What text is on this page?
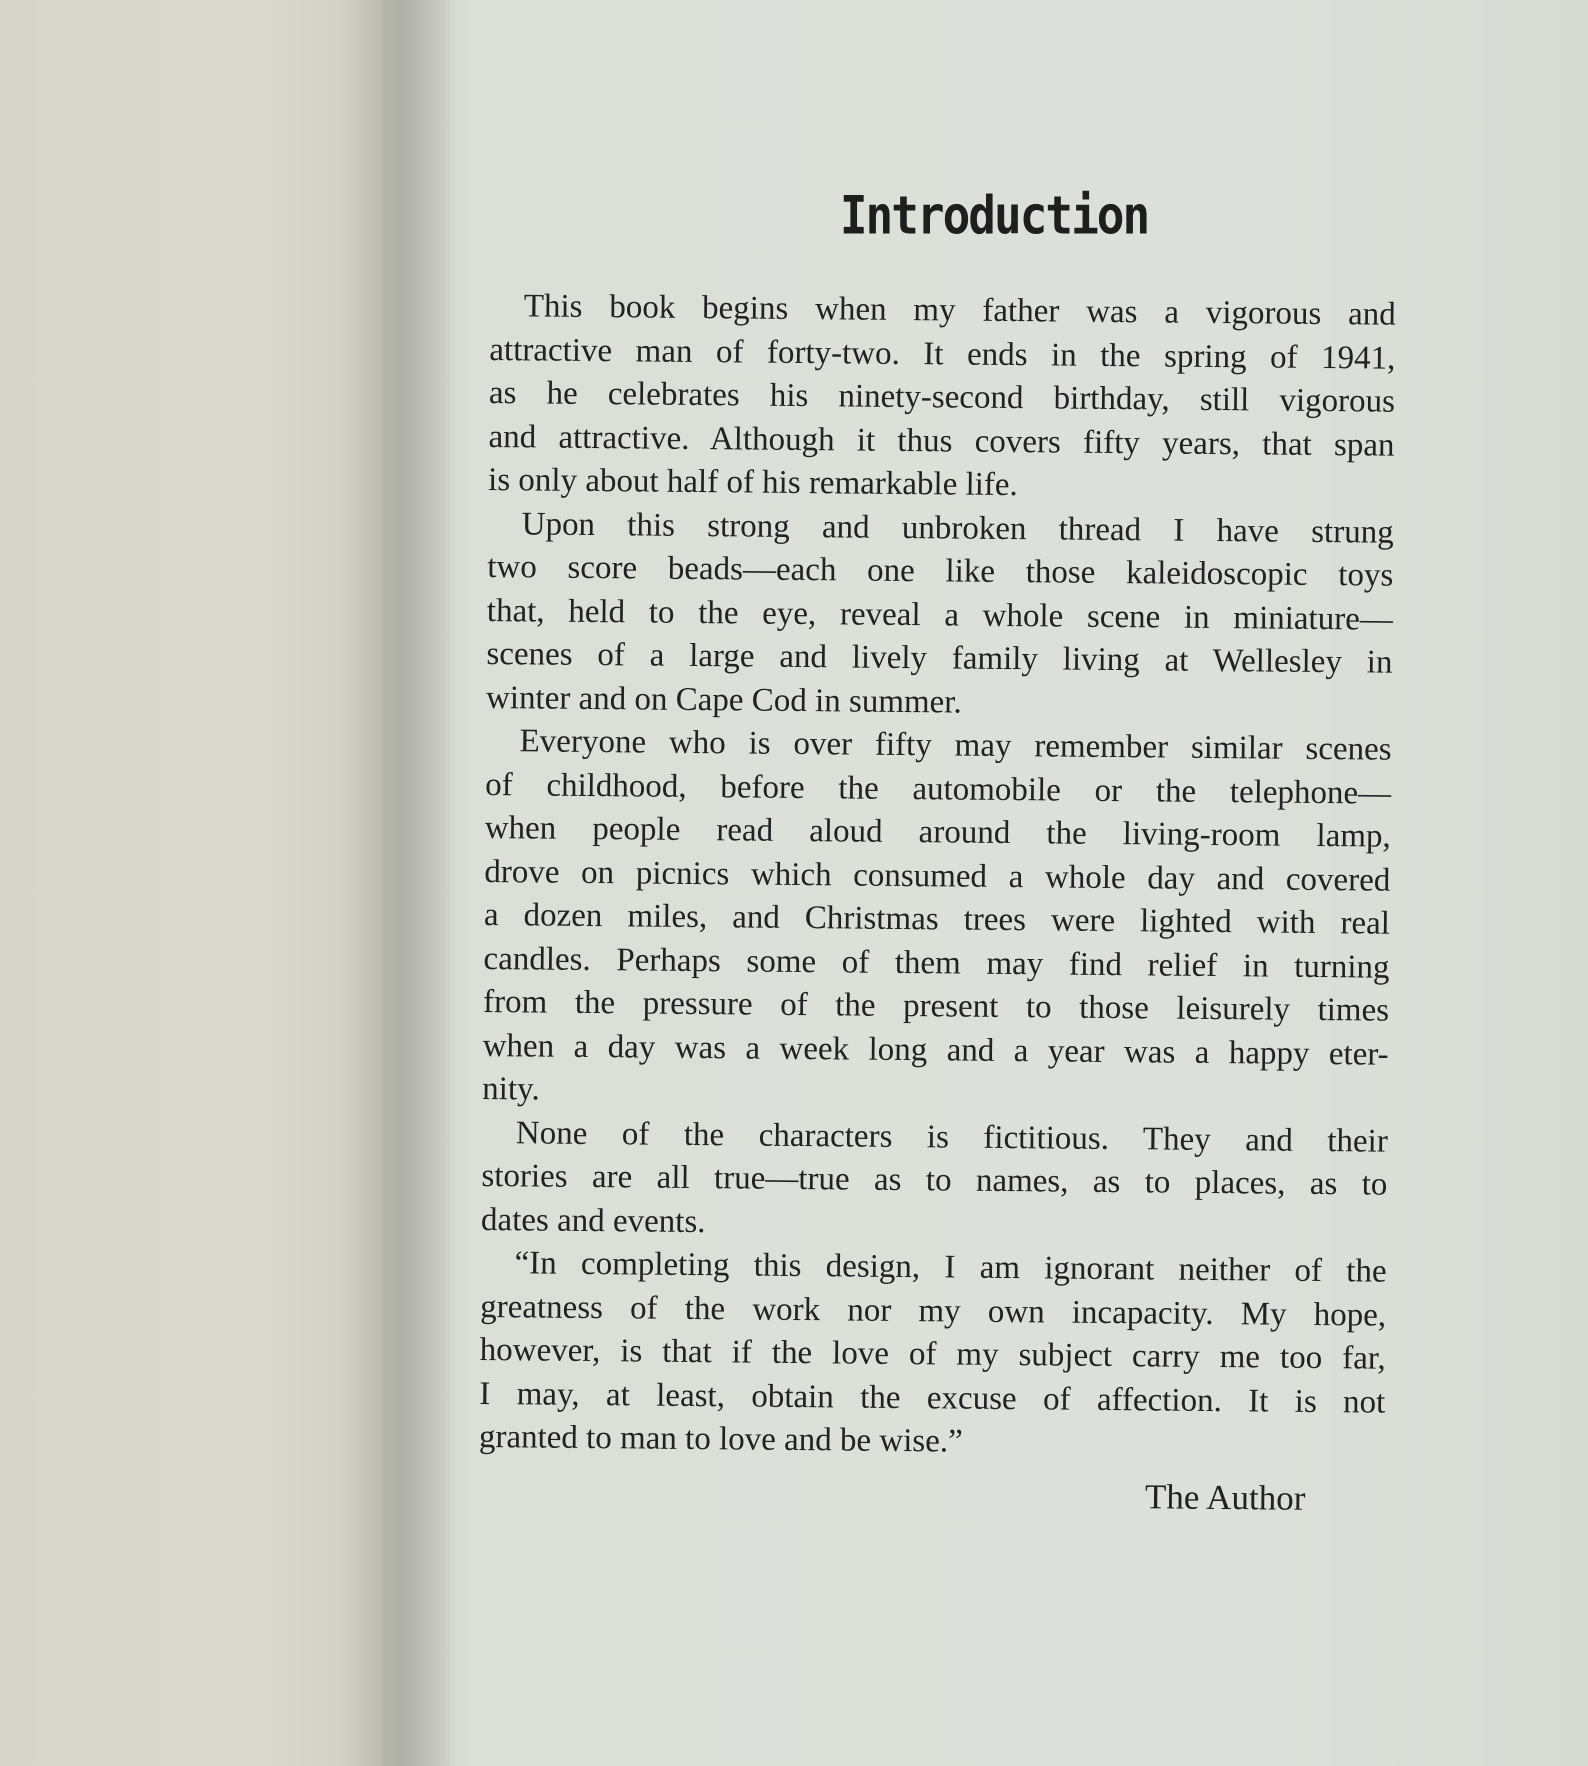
Introduction
This book begins when my father was a vigorous and
attractive man of forty-two. It ends in the spring of 1941,
as he celebrates his ninety-second birthday, still vigorous
and attractive. Although it thus covers fifty years, that span
is only about half of his remarkable life.
Upon this strong and unbroken thread I have strung
two score beads—each one like those kaleidoscopic toys
that, held to the eye, reveal a whole scene in miniature—
scenes of a large and lively family living at Wellesley in
winter and on Cape Cod in summer.
Everyone who is over fifty may remember similar scenes
of childhood, before the automobile or the telephone—
when people read aloud around the living-room lamp,
drove on picnics which consumed a whole day and covered
a dozen miles, and Christmas trees were lighted with real
candles. Perhaps some of them may find relief in turning
from the pressure of the present to those leisurely times
when a day was a week long and a year was a happy eter-
nity.
None of the characters is fictitious. They and their
stories are all true—true as to names, as to places, as to
dates and events.
“In completing this design, I am ignorant neither of the
greatness of the work nor my own incapacity. My hope,
however, is that if the love of my subject carry me too far,
I may, at least, obtain the excuse of affection. It is not
granted to man to love and be wise.”
The Author
